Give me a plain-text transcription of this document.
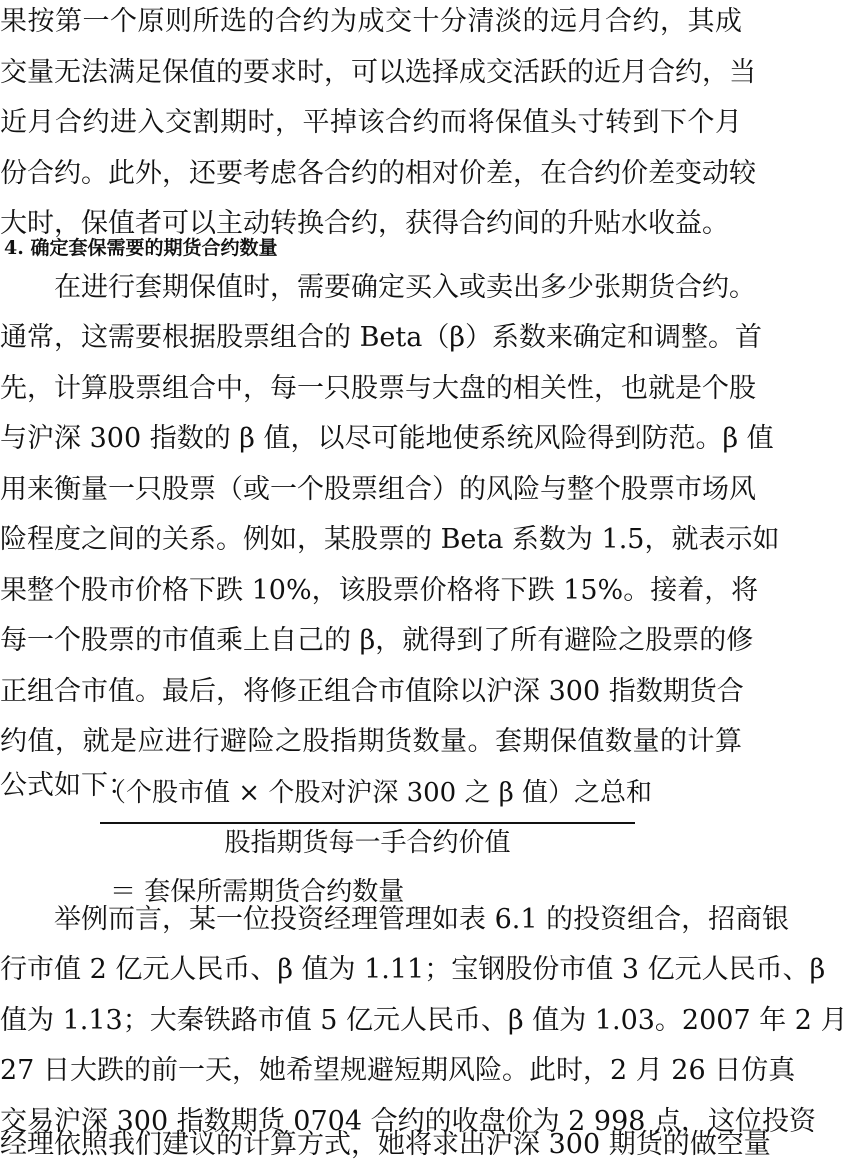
果按第一个原则所选的合约为成交十分清淡的远月合约，其成
交量无法满足保值的要求时，可以选择成交活跃的近月合约，当
近月合约进入交割期时，平掉该合约而将保值头寸转到下个月
份合约。此外，还要考虑各合约的相对价差，在合约价差变动较
大时，保值者可以主动转换合约，获得合约间的升贴水收益。
4. 确定套保需要的期货合约数量
　　在进行套期保值时，需要确定买入或卖出多少张期货合约。
通常，这需要根据股票组合的 Beta（β）系数来确定和调整。首
先，计算股票组合中，每一只股票与大盘的相关性，也就是个股
与沪深 300 指数的 β 值，以尽可能地使系统风险得到防范。β 值
用来衡量一只股票（或一个股票组合）的风险与整个股票市场风
险程度之间的关系。例如，某股票的 Beta 系数为 1.5，就表示如
果整个股市价格下跌 10%，该股票价格将下跌 15%。接着，将
每一个股票的市值乘上自己的 β，就得到了所有避险之股票的修
正组合市值。最后，将修正组合市值除以沪深 300 指数期货合
约值，就是应进行避险之股指期货数量。套期保值数量的计算
公式如下：
（个股市值 × 个股对沪深 300 之 β 值）之总和
股指期货每一手合约价值
＝ 套保所需期货合约数量
　　举例而言，某一位投资经理管理如表 6.1 的投资组合，招商银
行市值 2 亿元人民币、β 值为 1.11；宝钢股份市值 3 亿元人民币、β
值为 1.13；大秦铁路市值 5 亿元人民币、β 值为 1.03。2007 年 2 月
27 日大跌的前一天，她希望规避短期风险。此时，2 月 26 日仿真
交易沪深 300 指数期货 0704 合约的收盘价为 2 998 点，这位投资
经理依照我们建议的计算方式，她将求出沪深 300 期货的做空量
